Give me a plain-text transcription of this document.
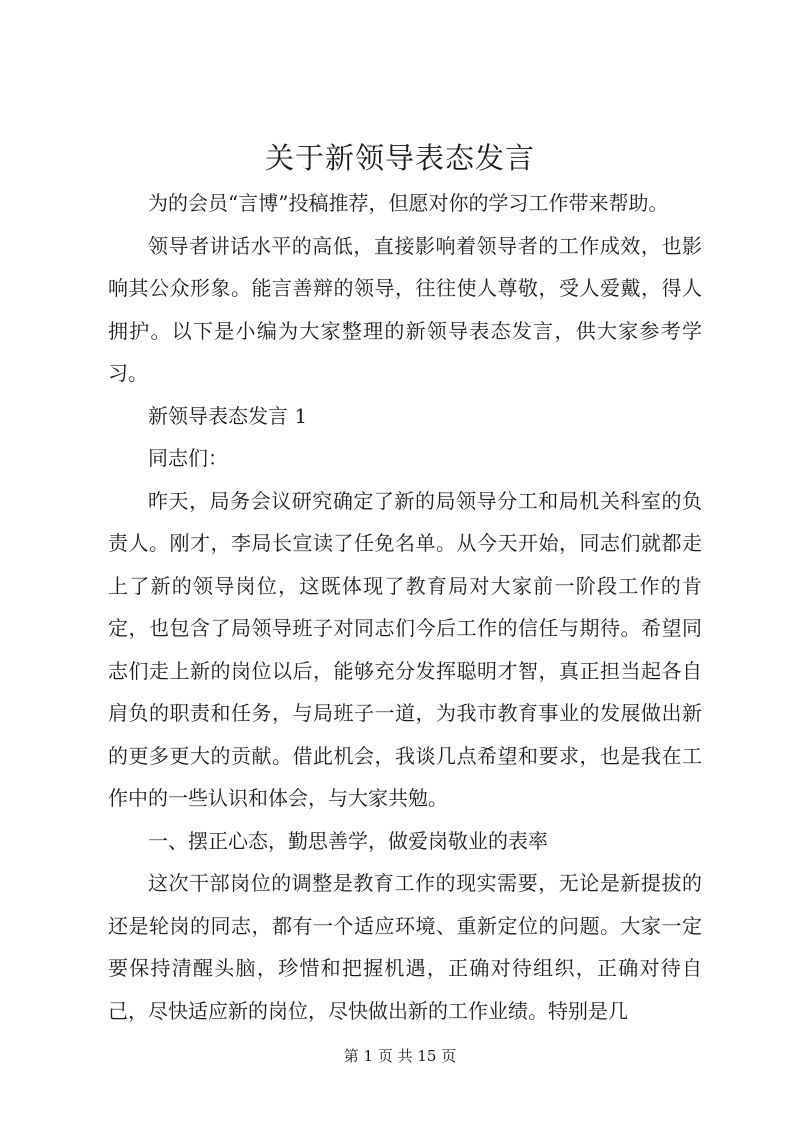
关于新领导表态发言

为的会员“言博”投稿推荐，但愿对你的学习工作带来帮助。

领导者讲话水平的高低，直接影响着领导者的工作成效，也影响其公众形象。能言善辩的领导，往往使人尊敬，受人爱戴，得人拥护。以下是小编为大家整理的新领导表态发言，供大家参考学习。

新领导表态发言 1

同志们：

昨天，局务会议研究确定了新的局领导分工和局机关科室的负责人。刚才，李局长宣读了任免名单。从今天开始，同志们就都走上了新的领导岗位，这既体现了教育局对大家前一阶段工作的肯定，也包含了局领导班子对同志们今后工作的信任与期待。希望同志们走上新的岗位以后，能够充分发挥聪明才智，真正担当起各自肩负的职责和任务，与局班子一道，为我市教育事业的发展做出新的更多更大的贡献。借此机会，我谈几点希望和要求，也是我在工作中的一些认识和体会，与大家共勉。

一、摆正心态，勤思善学，做爱岗敬业的表率

这次干部岗位的调整是教育工作的现实需要，无论是新提拔的还是轮岗的同志，都有一个适应环境、重新定位的问题。大家一定要保持清醒头脑，珍惜和把握机遇，正确对待组织，正确对待自己，尽快适应新的岗位，尽快做出新的工作业绩。特别是几

第 1 页 共 15 页
